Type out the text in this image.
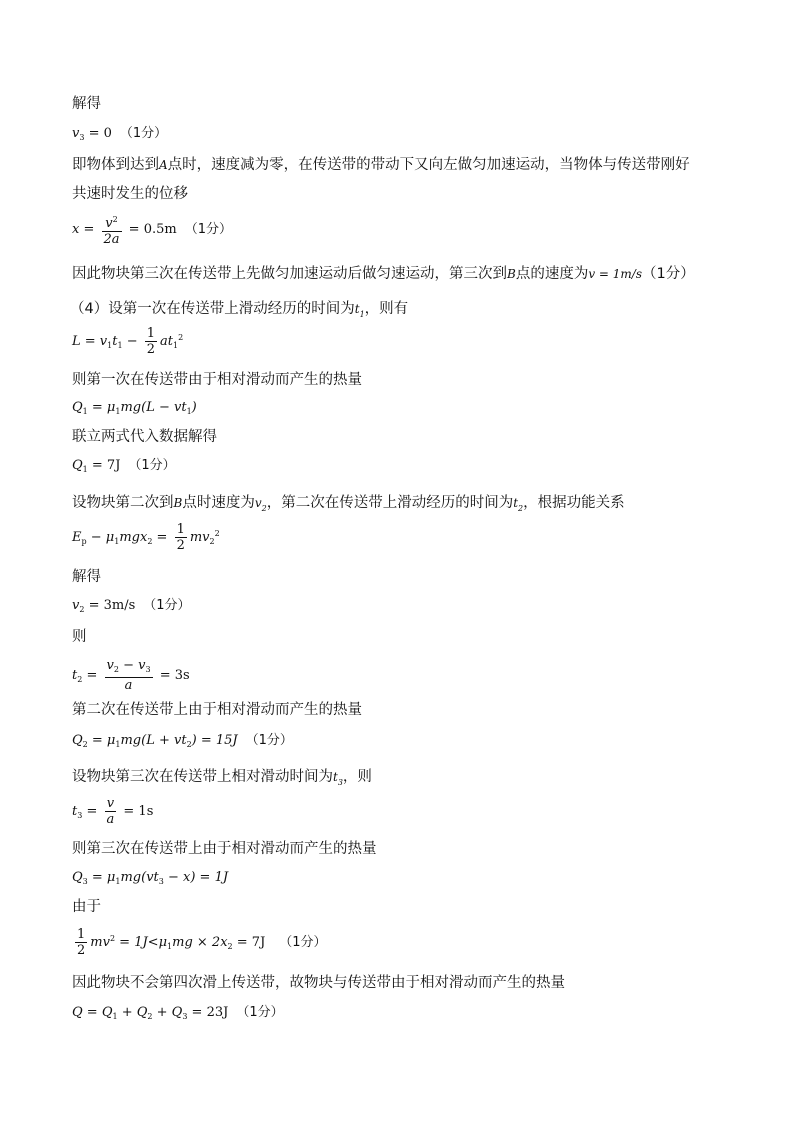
解得
$v_3 = 0$ （1分）
即物体到达到A点时，速度减为零，在传送带的带动下又向左做匀加速运动，当物体与传送带刚好
共速时发生的位移
$x = \frac{v^2}{2a} = 0.5m$ （1分）
因此物块第三次在传送带上先做匀加速运动后做匀速运动，第三次到B点的速度为v = 1m/s（1分）
（4）设第一次在传送带上滑动经历的时间为$t_1$，则有
$L = v_1t_1 - \frac{1}{2} at_1^2$
则第一次在传送带由于相对滑动而产生的热量
$Q_1 = \mu_1mg(L - vt_1)$
联立两式代入数据解得
$Q_1 = 7J$ （1分）
设物块第二次到B点时速度为$v_2$，第二次在传送带上滑动经历的时间为$t_2$，根据功能关系
$E_p - \mu_1mgx_2 = \frac{1}{2} mv_2^2$
解得
$v_2 = 3m/s$ （1分）
则
$t_2 = \frac{v_2 - v_3}{a} = 3s$
第二次在传送带上由于相对滑动而产生的热量
$Q_2 = \mu_1mg(L + vt_2) = 15J$ （1分）
设物块第三次在传送带上相对滑动时间为$t_3$，则
$t_3 = \frac{v}{a} = 1s$
则第三次在传送带上由于相对滑动而产生的热量
$Q_3 = \mu_1mg(vt_3 - x) = 1J$
由于
$\frac{1}{2} mv^2 = 1J<\mu_1mg \times 2x_2 = 7J$ （1分）
因此物块不会第四次滑上传送带，故物块与传送带由于相对滑动而产生的热量
$Q = Q_1 + Q_2 + Q_3 = 23J$ （1分）
